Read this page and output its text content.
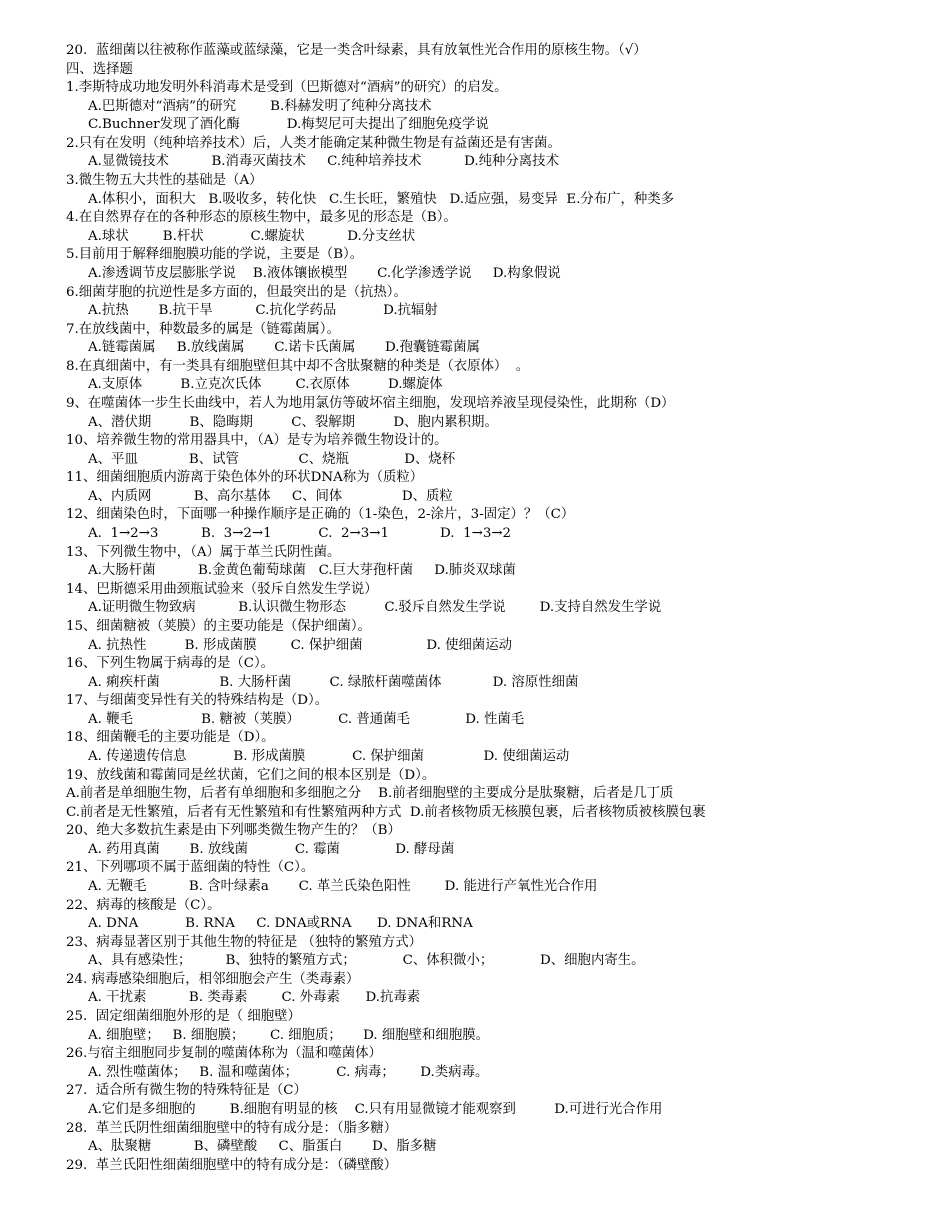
20.  蓝细菌以往被称作蓝藻或蓝绿藻，它是一类含叶绿素，具有放氧性光合作用的原核生物。（√）
四、选择题
1.李斯特成功地发明外科消毒术是受到（巴斯德对“酒病”的研究）的启发。
A.巴斯德对“酒病”的研究        B.科赫发明了纯种分离技术
C.Buchner发现了酒化酶           D.梅契尼可夫提出了细胞免疫学说
2.只有在发明（纯种培养技术）后，人类才能确定某种微生物是有益菌还是有害菌。
A.显微镜技术          B.消毒灭菌技术     C.纯种培养技术          D.纯种分离技术
3.微生物五大共性的基础是（A）
A.体积小，面积大   B.吸收多，转化快   C.生长旺，繁殖快   D.适应强，易变异  E.分布广，种类多
4.在自然界存在的各种形态的原核生物中，最多见的形态是（B）。
A.球状        B.杆状           C.螺旋状          D.分支丝状
5.目前用于解释细胞膜功能的学说，主要是（B）。
A.渗透调节皮层膨胀学说    B.液体镶嵌模型       C.化学渗透学说     D.构象假说
6.细菌芽胞的抗逆性是多方面的，但最突出的是（抗热）。
A.抗热       B.抗干旱          C.抗化学药品           D.抗辐射
7.在放线菌中，种数最多的属是（链霉菌属）。
A.链霉菌属     B.放线菌属       C.诺卡氏菌属       D.孢囊链霉菌属
8.在真细菌中，有一类具有细胞壁但其中却不含肽聚糖的种类是（衣原体）  。
A.支原体         B.立克次氏体        C.衣原体         D.螺旋体
9、在噬菌体一步生长曲线中，若人为地用氯仿等破坏宿主细胞，发现培养液呈现侵染性，此期称（D）
A、潜伏期         B、隐晦期         C、裂解期         D、胞内累积期。
10、培养微生物的常用器具中，（A）是专为培养微生物设计的。
A、平皿            B、试管              C、烧瓶             D、烧杯
11、细菌细胞质内游离于染色体外的环状DNA称为（质粒）
A、内质网          B、高尔基体     C、间体              D、质粒
12、细菌染色时，下面哪一种操作顺序是正确的（1-染色，2-涂片，3-固定）？（C）
A.  1→2→3          B.  3→2→1           C.  2→3→1            D.  1→3→2
13、下列微生物中，（A）属于革兰氏阴性菌。
A.大肠杆菌          B.金黄色葡萄球菌   C.巨大芽孢杆菌     D.肺炎双球菌
14、巴斯德采用曲颈瓶试验来（驳斥自然发生学说）
A.证明微生物致病          B.认识微生物形态         C.驳斥自然发生学说        D.支持自然发生学说
15、细菌糖被（荚膜）的主要功能是（保护细菌）。
A. 抗热性         B. 形成菌膜        C. 保护细菌               D. 使细菌运动
16、下列生物属于病毒的是（C）。
A. 痢疾杆菌              B. 大肠杆菌         C. 绿脓杆菌噬菌体            D. 溶原性细菌
17、与细菌变异性有关的特殊结构是（D）。
A. 鞭毛                B. 糖被（荚膜）         C. 普通菌毛             D. 性菌毛
18、细菌鞭毛的主要功能是（D）。
A. 传递遗传信息           B. 形成菌膜           C. 保护细菌              D. 使细菌运动
19、放线菌和霉菌同是丝状菌，它们之间的根本区别是（D）。
A.前者是单细胞生物，后者有单细胞和多细胞之分    B.前者细胞壁的主要成分是肽聚糖，后者是几丁质
C.前者是无性繁殖，后者有无性繁殖和有性繁殖两种方式  D.前者核物质无核膜包裹，后者核物质被核膜包裹
20、绝大多数抗生素是由下列哪类微生物产生的？（B）
A. 药用真菌       B. 放线菌           C. 霉菌             D. 酵母菌
21、下列哪项不属于蓝细菌的特性（C）。
A. 无鞭毛          B. 含叶绿素a       C. 革兰氏染色阳性        D. 能进行产氧性光合作用
22、病毒的核酸是（C）。
A. DNA           B. RNA     C. DNA或RNA      D. DNA和RNA
23、病毒显著区别于其他生物的特征是 （独特的繁殖方式）
A、具有感染性；        B、独特的繁殖方式；           C、体积微小；           D、细胞内寄生。
24. 病毒感染细胞后，相邻细胞会产生（类毒素）
A. 干扰素          B. 类毒素        C. 外毒素      D.抗毒素
25.  固定细菌细胞外形的是（ 细胞壁）
A. 细胞壁；   B. 细胞膜；      C. 细胞质；     D. 细胞壁和细胞膜。
26.与宿主细胞同步复制的噬菌体称为（温和噬菌体）
A. 烈性噬菌体；   B. 温和噬菌体；         C. 病毒；      D.类病毒。
27.  适合所有微生物的特殊特征是（C）
A.它们是多细胞的        B.细胞有明显的核    C.只有用显微镜才能观察到         D.可进行光合作用
28.  革兰氏阴性细菌细胞壁中的特有成分是：（脂多糖）
A、肽聚糖          B、磷壁酸     C、脂蛋白       D、脂多糖
29.  革兰氏阳性细菌细胞壁中的特有成分是：（磷壁酸）
